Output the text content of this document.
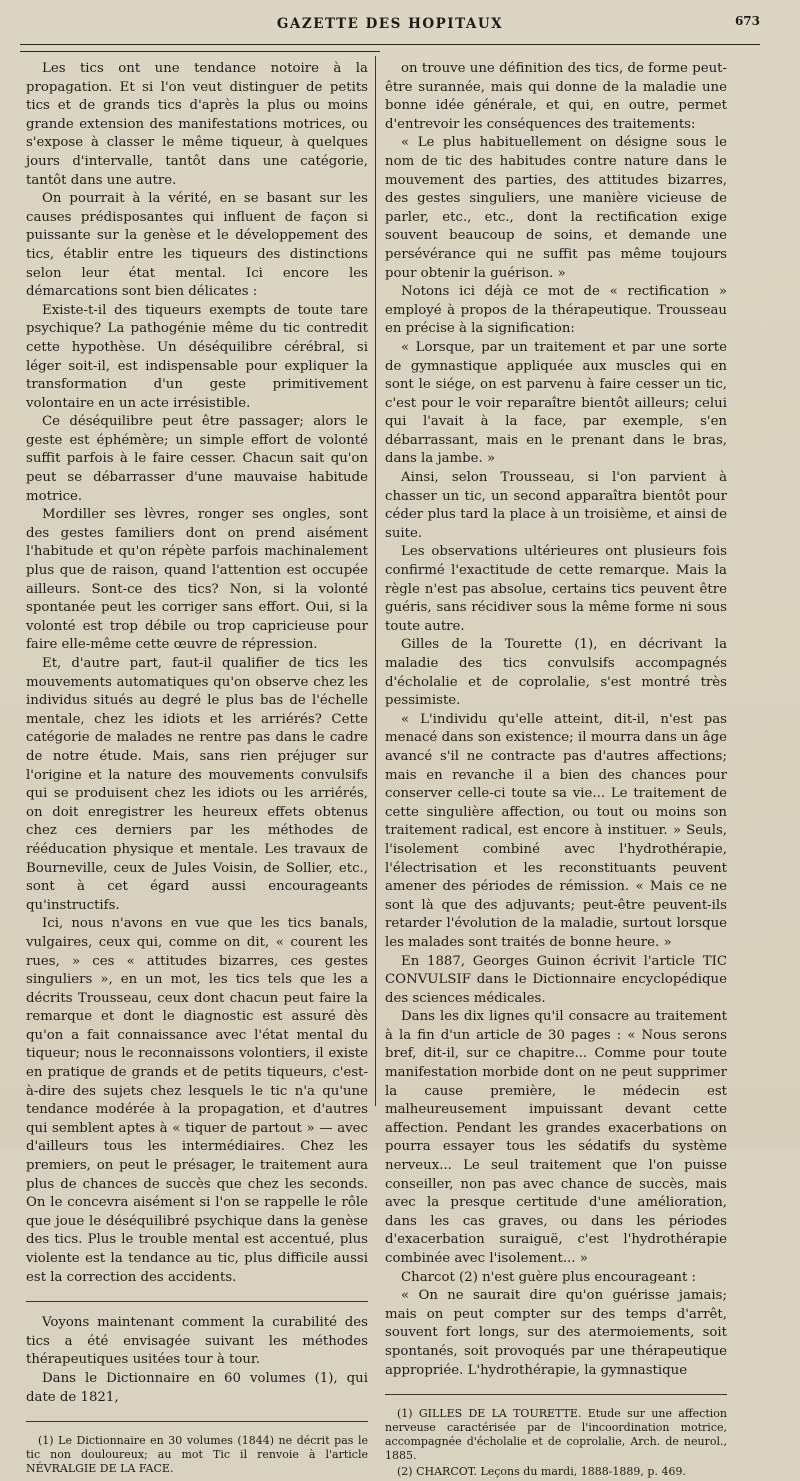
GAZETTE DES HOPITAUX	673

Les tics ont une tendance notoire à la propagation. Et si l'on veut distinguer de petits tics et de grands tics d'après la plus ou moins grande extension des manifestations motrices, ou s'expose à classer le même tiqueur, à quelques jours d'intervalle, tantôt dans une catégorie, tantôt dans une autre.

On pourrait à la vérité, en se basant sur les causes prédisposantes qui influent de façon si puissante sur la genèse et le développement des tics, établir entre les tiqueurs des distinctions selon leur état mental. Ici encore les démarcations sont bien délicates :

Existe-t-il des tiqueurs exempts de toute tare psychique? La pathogénie même du tic contredit cette hypothèse. Un déséquilibre cérébral, si léger soit-il, est indispensable pour expliquer la transformation d'un geste primitivement volontaire en un acte irrésistible.

Ce déséquilibre peut être passager; alors le geste est éphémère; un simple effort de volonté suffit parfois à le faire cesser. Chacun sait qu'on peut se débarrasser d'une mauvaise habitude motrice.

Mordiller ses lèvres, ronger ses ongles, sont des gestes familiers dont on prend aisément l'habitude et qu'on répète parfois machinalement plus que de raison, quand l'attention est occupée ailleurs. Sont-ce des tics? Non, si la volonté spontanée peut les corriger sans effort. Oui, si la volonté est trop débile ou trop capricieuse pour faire elle-même cette œuvre de répression.

Et, d'autre part, faut-il qualifier de tics les mouvements automatiques qu'on observe chez les individus situés au degré le plus bas de l'échelle mentale, chez les idiots et les arriérés? Cette catégorie de malades ne rentre pas dans le cadre de notre étude. Mais, sans rien préjuger sur l'origine et la nature des mouvements convulsifs qui se produisent chez les idiots ou les arriérés, on doit enregistrer les heureux effets obtenus chez ces derniers par les méthodes de rééducation physique et mentale. Les travaux de Bourneville, ceux de Jules Voisin, de Sollier, etc., sont à cet égard aussi encourageants qu'instructifs.

Ici, nous n'avons en vue que les tics banals, vulgaires, ceux qui, comme on dit, « courent les rues, » ces « attitudes bizarres, ces gestes singuliers », en un mot, les tics tels que les a décrits Trousseau, ceux dont chacun peut faire la remarque et dont le diagnostic est assuré dès qu'on a fait connaissance avec l'état mental du tiqueur; nous le reconnaissons volontiers, il existe en pratique de grands et de petits tiqueurs, c'est-à-dire des sujets chez lesquels le tic n'a qu'une tendance modérée à la propagation, et d'autres qui semblent aptes à « tiquer de partout » — avec d'ailleurs tous les intermédiaires. Chez les premiers, on peut le présager, le traitement aura plus de chances de succès que chez les seconds. On le concevra aisément si l'on se rappelle le rôle que joue le déséquilibré psychique dans la genèse des tics. Plus le trouble mental est accentué, plus violente est la tendance au tic, plus difficile aussi est la correction des accidents.

Voyons maintenant comment la curabilité des tics a été envisagée suivant les méthodes thérapeutiques usitées tour à tour.

Dans le Dictionnaire en 60 volumes (1), qui date de 1821,

(1) Le Dictionnaire en 30 volumes (1844) ne décrit pas le tic non douloureux; au mot Tic il renvoie à l'article NÉVRALGIE DE LA FACE.

on trouve une définition des tics, de forme peut-être surannée, mais qui donne de la maladie une bonne idée générale, et qui, en outre, permet d'entrevoir les conséquences des traitements:

« Le plus habituellement on désigne sous le nom de tic des habitudes contre nature dans le mouvement des parties, des attitudes bizarres, des gestes singuliers, une manière vicieuse de parler, etc., etc., dont la rectification exige souvent beaucoup de soins, et demande une persévérance qui ne suffit pas même toujours pour obtenir la guérison. »

Notons ici déjà ce mot de « rectification » employé à propos de la thérapeutique. Trousseau en précise à la signification:

« Lorsque, par un traitement et par une sorte de gymnastique appliquée aux muscles qui en sont le siége, on est parvenu à faire cesser un tic, c'est pour le voir reparaître bientôt ailleurs; celui qui l'avait à la face, par exemple, s'en débarrassant, mais en le prenant dans le bras, dans la jambe. »

Ainsi, selon Trousseau, si l'on parvient à chasser un tic, un second apparaîtra bientôt pour céder plus tard la place à un troisième, et ainsi de suite.

Les observations ultérieures ont plusieurs fois confirmé l'exactitude de cette remarque. Mais la règle n'est pas absolue, certains tics peuvent être guéris, sans récidiver sous la même forme ni sous toute autre.

Gilles de la Tourette (1), en décrivant la maladie des tics convulsifs accompagnés d'écholalie et de coprolalie, s'est montré très pessimiste.

« L'individu qu'elle atteint, dit-il, n'est pas menacé dans son existence; il mourra dans un âge avancé s'il ne contracte pas d'autres affections; mais en revanche il a bien des chances pour conserver celle-ci toute sa vie... Le traitement de cette singulière affection, ou tout ou moins son traitement radical, est encore à instituer. » Seuls, l'isolement combiné avec l'hydrothérapie, l'électrisation et les reconstituants peuvent amener des périodes de rémission. « Mais ce ne sont là que des adjuvants; peut-être peuvent-ils retarder l'évolution de la maladie, surtout lorsque les malades sont traités de bonne heure. »

En 1887, Georges Guinon écrivit l'article TIC CONVULSIF dans le Dictionnaire encyclopédique des sciences médicales.

Dans les dix lignes qu'il consacre au traitement à la fin d'un article de 30 pages : « Nous serons bref, dit-il, sur ce chapitre... Comme pour toute manifestation morbide dont on ne peut supprimer la cause première, le médecin est malheureusement impuissant devant cette affection. Pendant les grandes exacerbations on pourra essayer tous les sédatifs du système nerveux... Le seul traitement que l'on puisse conseiller, non pas avec chance de succès, mais avec la presque certitude d'une amélioration, dans les cas graves, ou dans les périodes d'exacerbation suraiguë, c'est l'hydrothérapie combinée avec l'isolement... »

Charcot (2) n'est guère plus encourageant :

« On ne saurait dire qu'on guérisse jamais; mais on peut compter sur des temps d'arrêt, souvent fort longs, sur des atermoiements, soit spontanés, soit provoqués par une thérapeutique appropriée. L'hydrothérapie, la gymnastique

(1) GILLES DE LA TOURETTE. Etude sur une affection nerveuse caractérisée par de l'incoordination motrice, accompagnée d'écholalie et de coprolalie, Arch. de neurol., 1885.

(2) CHARCOT. Leçons du mardi, 1888-1889, p. 469.
